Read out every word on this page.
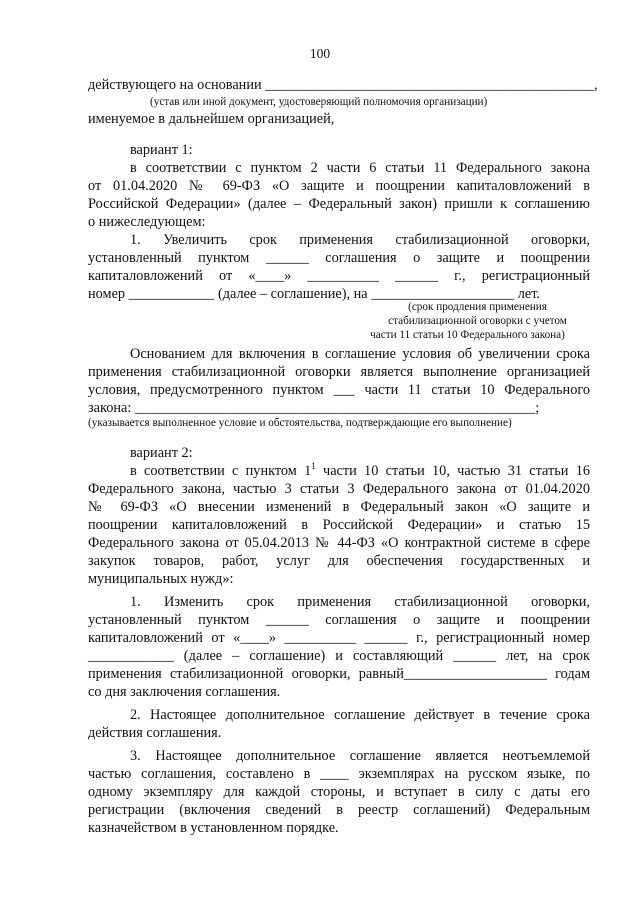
100
действующего на основании ______________________________________________,
(устав или иной документ, удостоверяющий полномочия организации)
именуемое в дальнейшем организацией,
вариант 1:
в соответствии с пунктом 2 части 6 статьи 11 Федерального закона
от 01.04.2020 № 69-ФЗ «О защите и поощрении капиталовложений в
Российской Федерации» (далее – Федеральный закон) пришли к соглашению
о нижеследующем:
1. Увеличить срок применения стабилизационной оговорки,
установленный пунктом ______ соглашения о защите и поощрении
капиталовложений от «____» __________ ______ г., регистрационный
номер ____________ (далее – соглашение), на ____________________ лет.
(срок продления применения
стабилизационной оговорки с учетом
части 11 статьи 10 Федерального закона)
Основанием для включения в соглашение условия об увеличении срока
применения стабилизационной оговорки является выполнение организацией
условия, предусмотренного пунктом ___ части 11 статьи 10 Федерального
закона: ________________________________________________________;
(указывается выполненное условие и обстоятельства, подтверждающие его выполнение)
вариант 2:
в соответствии с пунктом $1^1$ части 10 статьи 10, частью 31 статьи 16
Федерального закона, частью 3 статьи 3 Федерального закона от 01.04.2020
№ 69-ФЗ «О внесении изменений в Федеральный закон «О защите и
поощрении капиталовложений в Российской Федерации» и статью 15
Федерального закона от 05.04.2013 № 44-ФЗ «О контрактной системе в сфере
закупок товаров, работ, услуг для обеспечения государственных и
муниципальных нужд»:
1. Изменить срок применения стабилизационной оговорки,
установленный пунктом ______ соглашения о защите и поощрении
капиталовложений от «____» __________ ______ г., регистрационный номер
____________ (далее – соглашение) и составляющий ______ лет, на срок
применения стабилизационной оговорки, равный____________________ годам
со дня заключения соглашения.
2. Настоящее дополнительное соглашение действует в течение срока
действия соглашения.
3. Настоящее дополнительное соглашение является неотъемлемой
частью соглашения, составлено в ____ экземплярах на русском языке, по
одному экземпляру для каждой стороны, и вступает в силу с даты его
регистрации (включения сведений в реестр соглашений) Федеральным
казначейством в установленном порядке.
